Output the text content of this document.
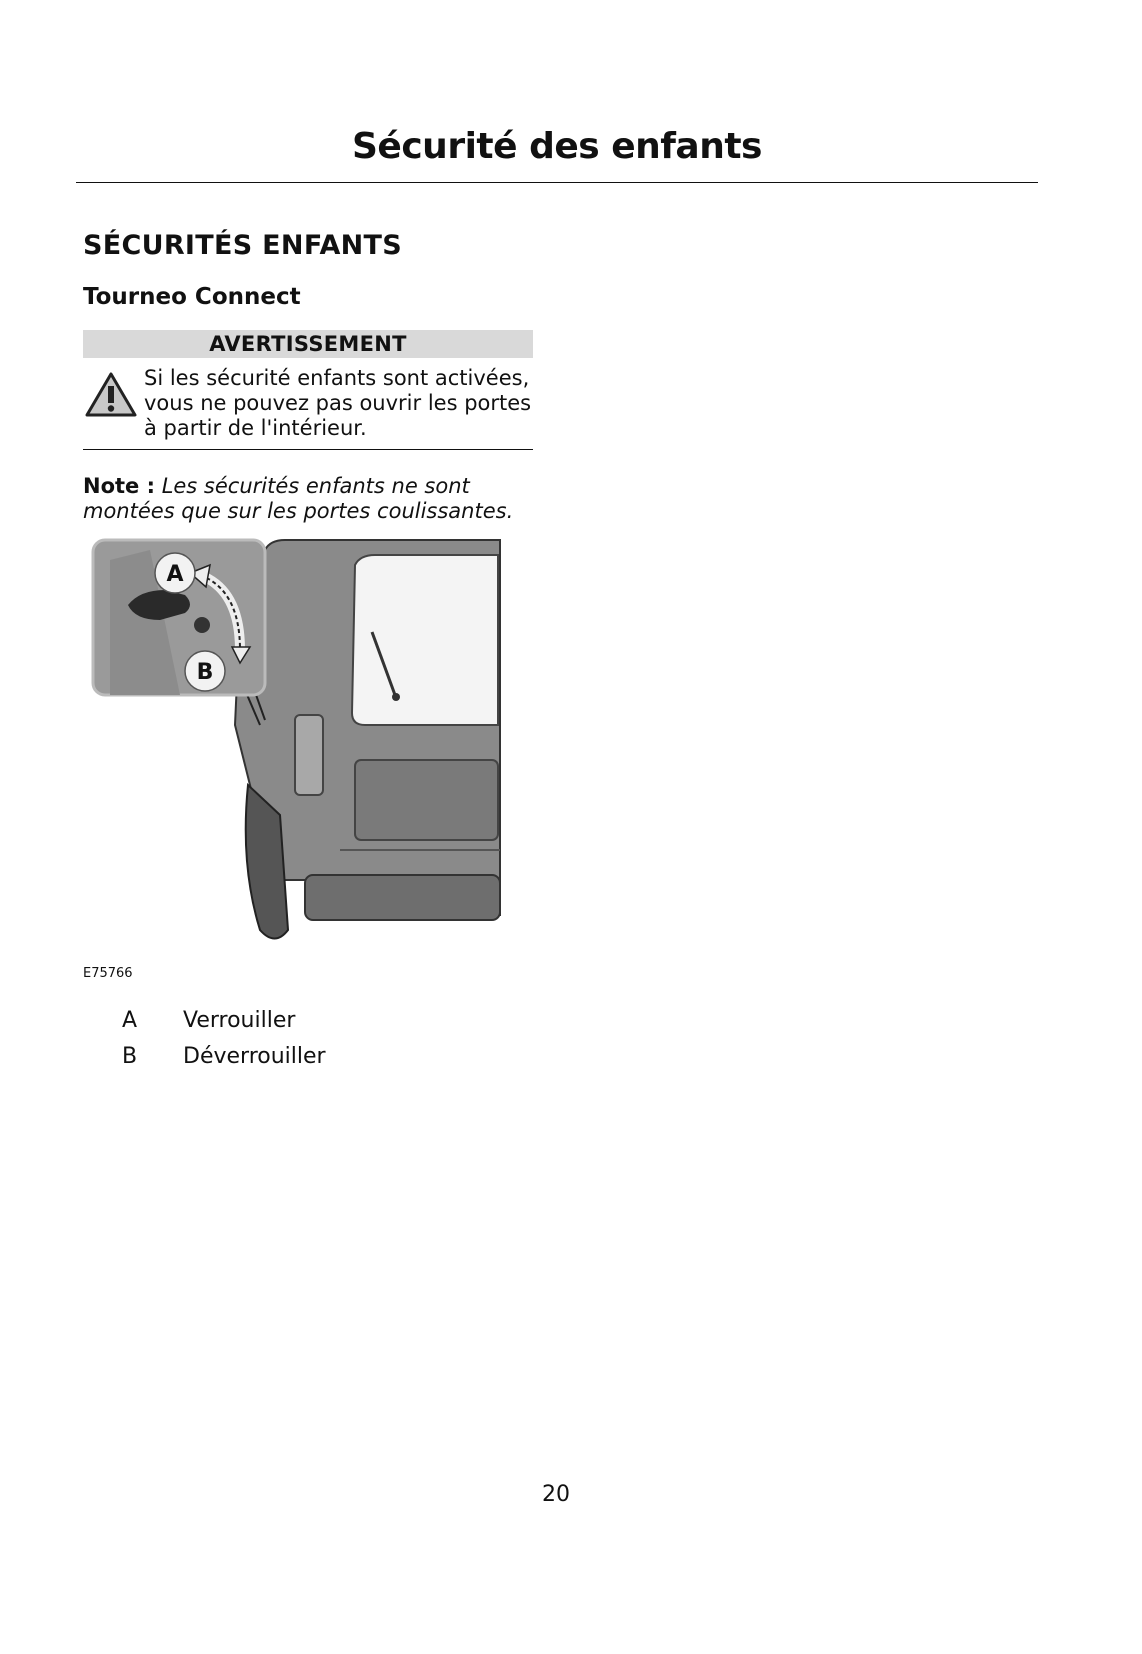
Sécurité des enfants
SÉCURITÉS ENFANTS
Tourneo Connect
AVERTISSEMENT
Si les sécurité enfants sont activées, vous ne pouvez pas ouvrir les portes à partir de l'intérieur.
Note : Les sécurités enfants ne sont montées que sur les portes coulissantes.
A
B
E75766
A Verrouiller
B Déverrouiller
20
